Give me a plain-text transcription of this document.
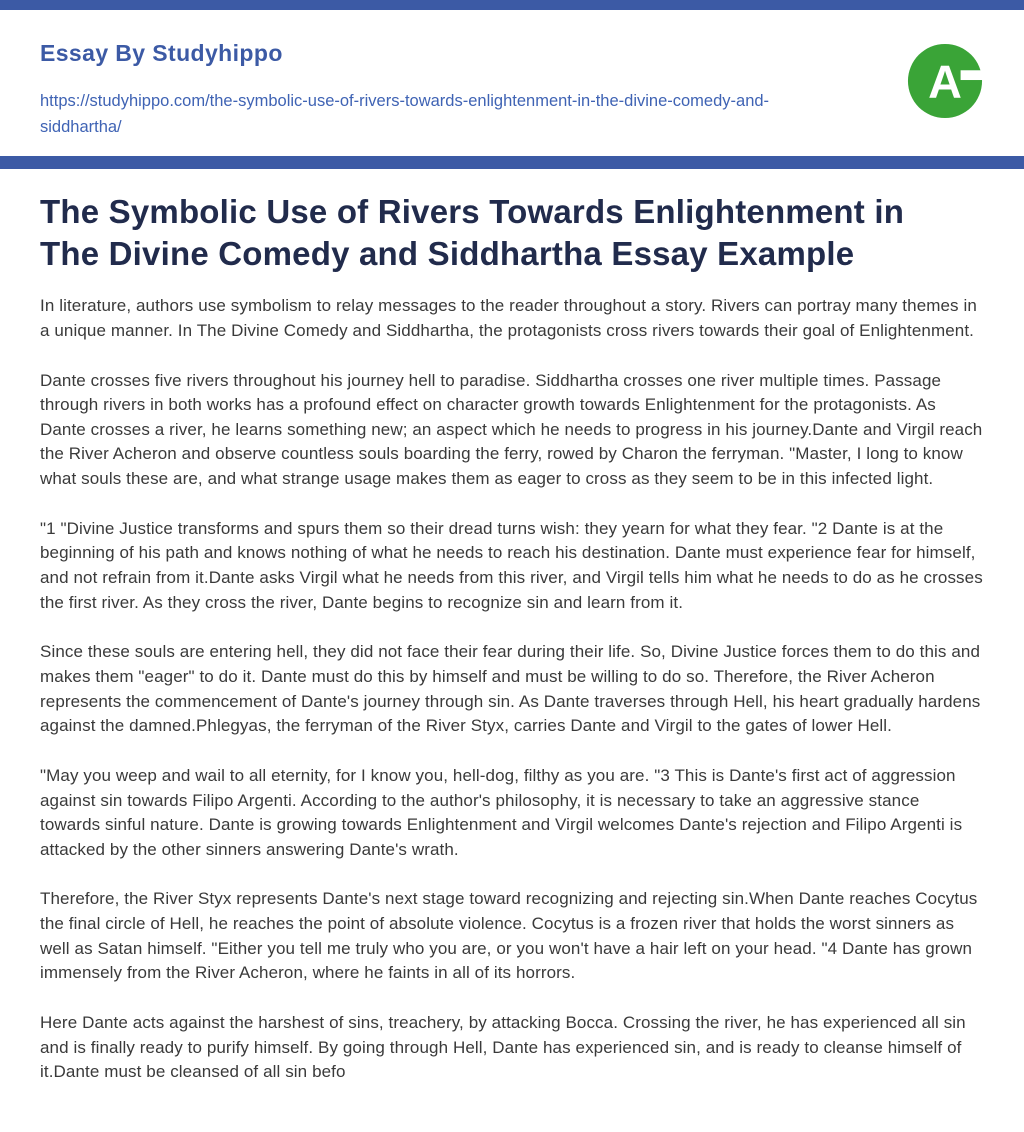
Essay By Studyhippo
https://studyhippo.com/the-symbolic-use-of-rivers-towards-enlightenment-in-the-divine-comedy-and-siddhartha/
A
The Symbolic Use of Rivers Towards Enlightenment in The Divine Comedy and Siddhartha Essay Example

In literature, authors use symbolism to relay messages to the reader throughout a story. Rivers can portray many themes in a unique manner. In The Divine Comedy and Siddhartha, the protagonists cross rivers towards their goal of Enlightenment.

Dante crosses five rivers throughout his journey hell to paradise. Siddhartha crosses one river multiple times. Passage through rivers in both works has a profound effect on character growth towards Enlightenment for the protagonists. As Dante crosses a river, he learns something new; an aspect which he needs to progress in his journey.Dante and Virgil reach the River Acheron and observe countless souls boarding the ferry, rowed by Charon the ferryman. "Master, I long to know what souls these are, and what strange usage makes them as eager to cross as they seem to be in this infected light.

"1 "Divine Justice transforms and spurs them so their dread turns wish: they yearn for what they fear. "2 Dante is at the beginning of his path and knows nothing of what he needs to reach his destination. Dante must experience fear for himself, and not refrain from it.Dante asks Virgil what he needs from this river, and Virgil tells him what he needs to do as he crosses the first river. As they cross the river, Dante begins to recognize sin and learn from it.

Since these souls are entering hell, they did not face their fear during their life. So, Divine Justice forces them to do this and makes them "eager" to do it. Dante must do this by himself and must be willing to do so. Therefore, the River Acheron represents the commencement of Dante's journey through sin. As Dante traverses through Hell, his heart gradually hardens against the damned.Phlegyas, the ferryman of the River Styx, carries Dante and Virgil to the gates of lower Hell.

"May you weep and wail to all eternity, for I know you, hell-dog, filthy as you are. "3 This is Dante's first act of aggression against sin towards Filipo Argenti. According to the author's philosophy, it is necessary to take an aggressive stance towards sinful nature. Dante is growing towards Enlightenment and Virgil welcomes Dante's rejection and Filipo Argenti is attacked by the other sinners answering Dante's wrath.

Therefore, the River Styx represents Dante's next stage toward recognizing and rejecting sin.When Dante reaches Cocytus the final circle of Hell, he reaches the point of absolute violence. Cocytus is a frozen river that holds the worst sinners as well as Satan himself. "Either you tell me truly who you are, or you won't have a hair left on your head. "4 Dante has grown immensely from the River Acheron, where he faints in all of its horrors.

Here Dante acts against the harshest of sins, treachery, by attacking Bocca. Crossing the river, he has experienced all sin and is finally ready to purify himself. By going through Hell, Dante has experienced sin, and is ready to cleanse himself of it.Dante must be cleansed of all sin befo
